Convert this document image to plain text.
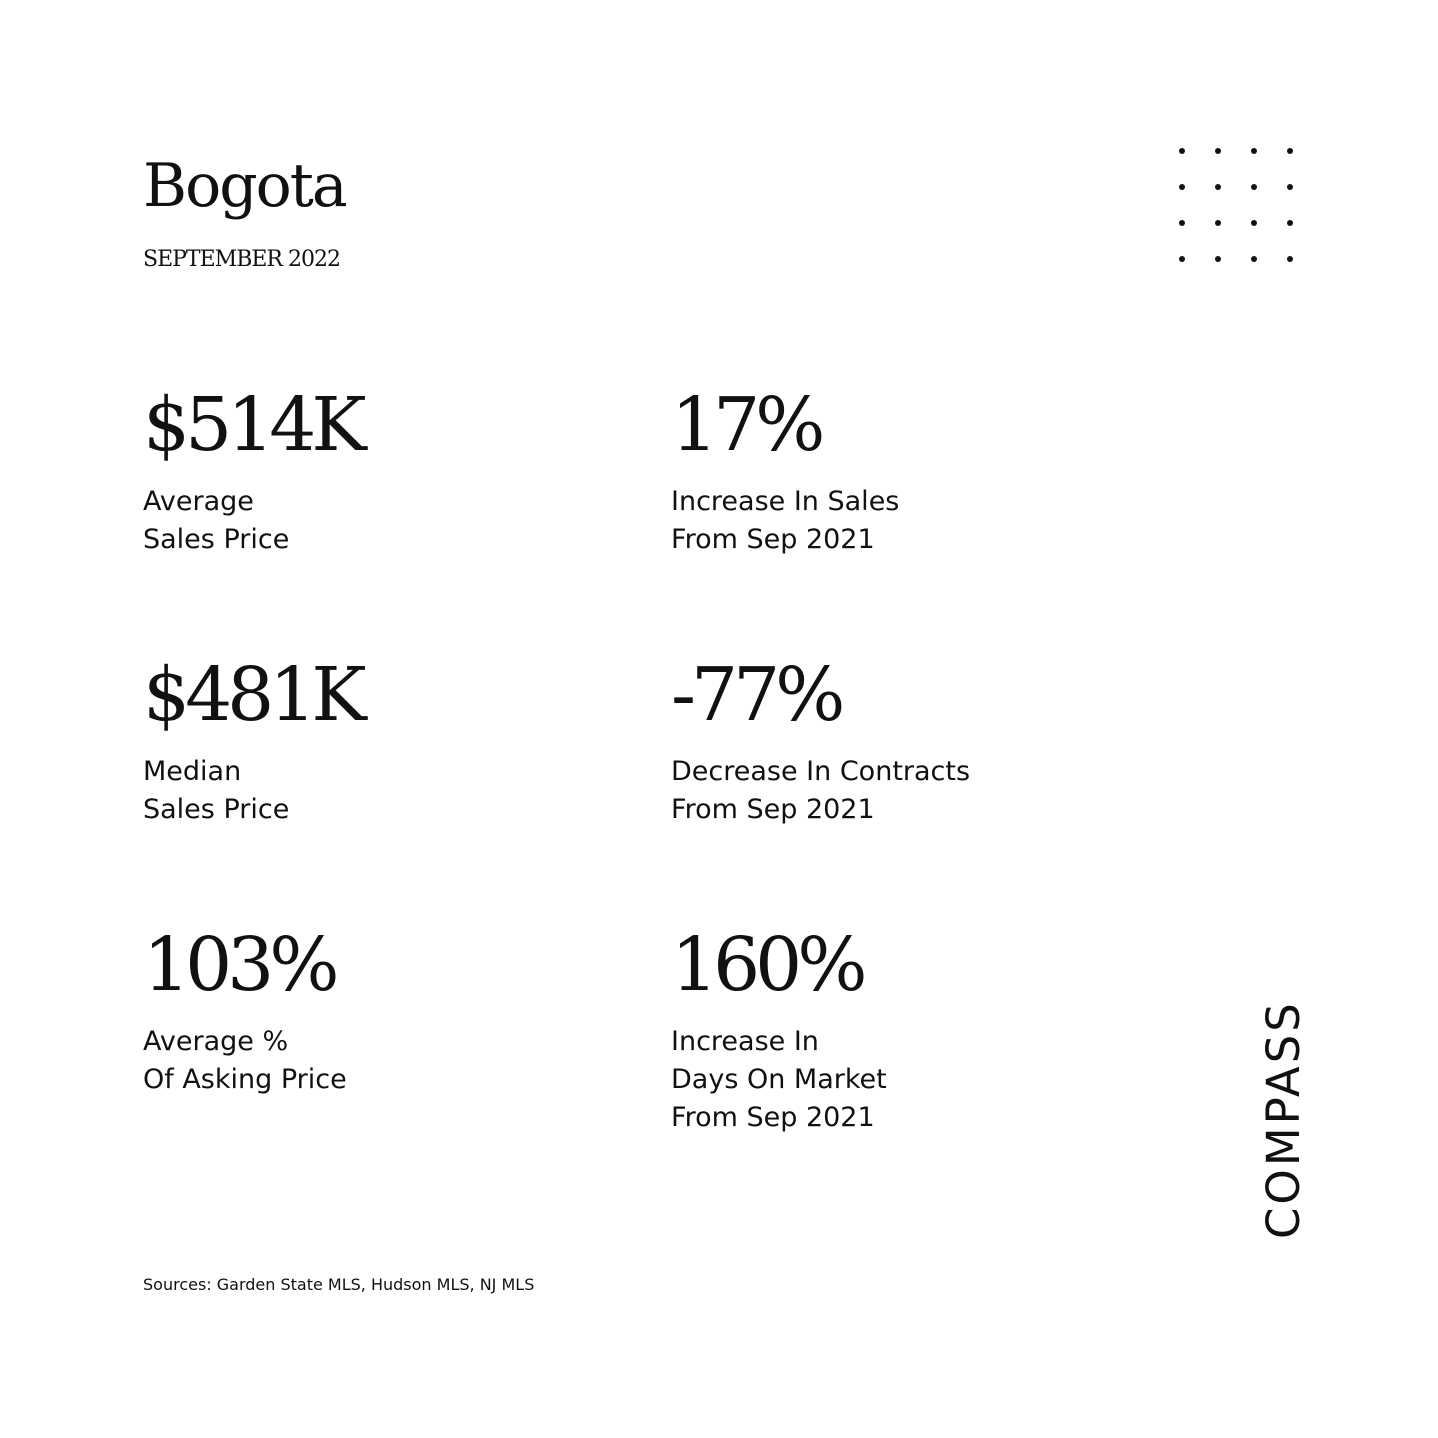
Bogota
SEPTEMBER 2022
$514K
Average
Sales Price
17%
Increase In Sales
From Sep 2021
$481K
Median
Sales Price
-77%
Decrease In Contracts
From Sep 2021
103%
Average %
Of Asking Price
160%
Increase In
Days On Market
From Sep 2021
Sources: Garden State MLS, Hudson MLS, NJ MLS
COMPASS
